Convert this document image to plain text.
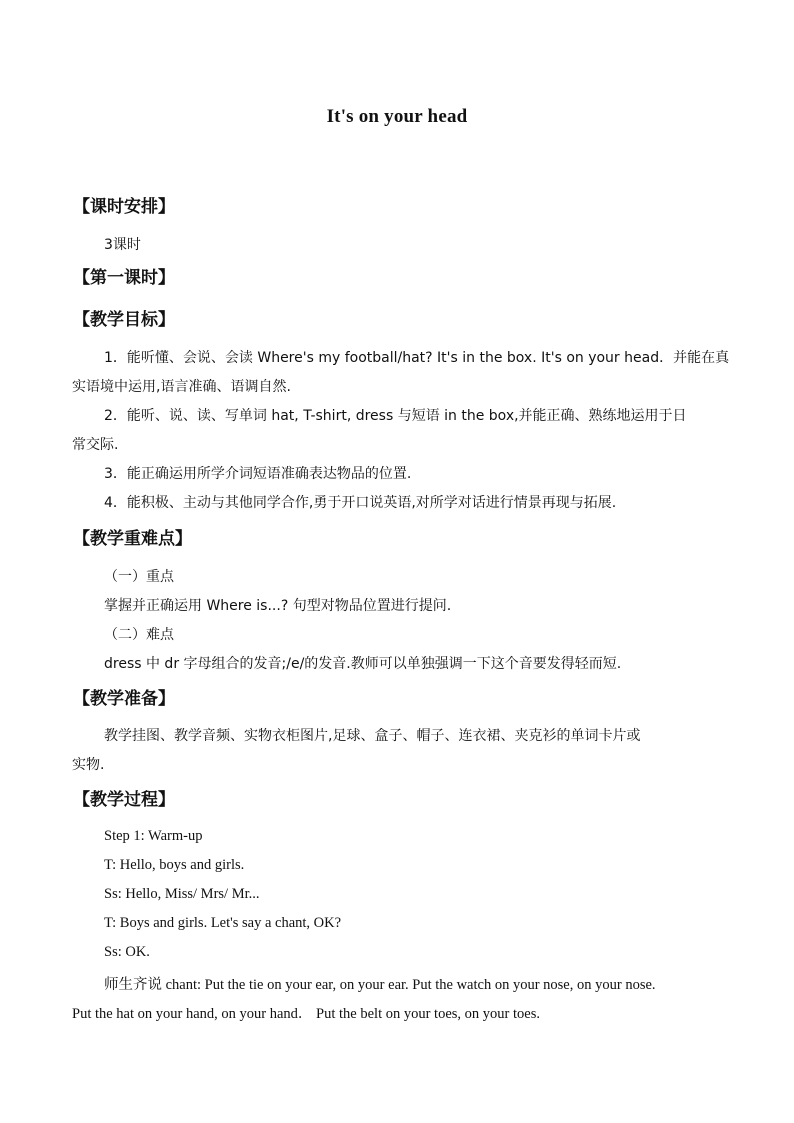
It's on your head
【课时安排】
3课时
【第一课时】
【教学目标】
1．能听懂、会说、会读 Where's my football/hat? It's in the box. It's on your head．并能在真
实语境中运用,语言准确、语调自然.
2．能听、说、读、写单词 hat, T-shirt, dress 与短语 in the box,并能正确、熟练地运用于日
常交际.
3．能正确运用所学介词短语准确表达物品的位置.
4．能积极、主动与其他同学合作,勇于开口说英语,对所学对话进行情景再现与拓展.
【教学重难点】
（一）重点
掌握并正确运用 Where is...? 句型对物品位置进行提问.
（二）难点
dress 中 dr 字母组合的发音;/e/的发音.教师可以单独强调一下这个音要发得轻而短.
【教学准备】
教学挂图、教学音频、实物衣柜图片,足球、盒子、帽子、连衣裙、夹克衫的单词卡片或
实物.
【教学过程】
Step 1: Warm-up
T: Hello, boys and girls.
Ss: Hello, Miss/ Mrs/ Mr...
T: Boys and girls. Let's say a chant, OK?
Ss: OK.
师生齐说 chant: Put the tie on your ear, on your ear. Put the watch on your nose, on your nose.
Put the hat on your hand, on your hand． Put the belt on your toes, on your toes.
